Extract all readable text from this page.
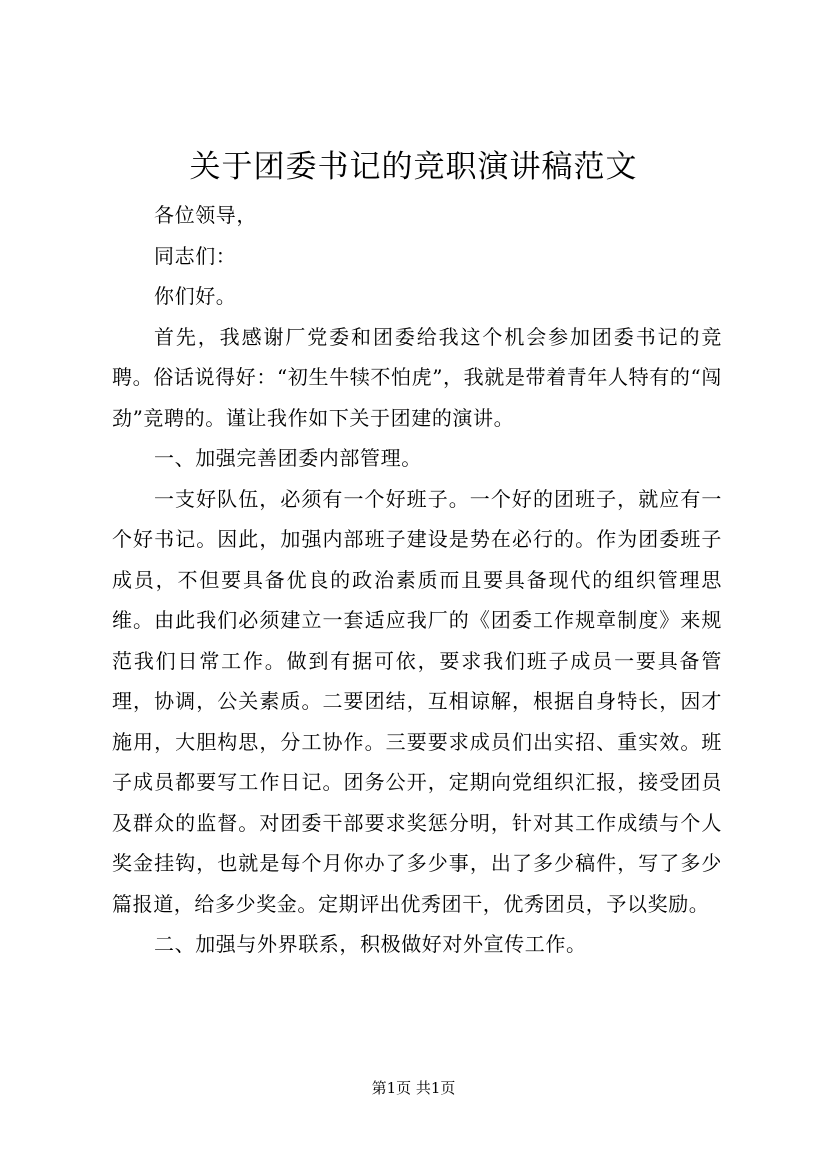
关于团委书记的竞职演讲稿范文

各位领导，

同志们：

你们好。

首先，我感谢厂党委和团委给我这个机会参加团委书记的竞聘。俗话说得好：“初生牛犊不怕虎”，我就是带着青年人特有的“闯劲”竞聘的。谨让我作如下关于团建的演讲。

一、加强完善团委内部管理。

一支好队伍，必须有一个好班子。一个好的团班子，就应有一个好书记。因此，加强内部班子建设是势在必行的。作为团委班子成员，不但要具备优良的政治素质而且要具备现代的组织管理思维。由此我们必须建立一套适应我厂的《团委工作规章制度》来规范我们日常工作。做到有据可依，要求我们班子成员一要具备管理，协调，公关素质。二要团结，互相谅解，根据自身特长，因才施用，大胆构思，分工协作。三要要求成员们出实招、重实效。班子成员都要写工作日记。团务公开，定期向党组织汇报，接受团员及群众的监督。对团委干部要求奖惩分明，针对其工作成绩与个人奖金挂钩，也就是每个月你办了多少事，出了多少稿件，写了多少篇报道，给多少奖金。定期评出优秀团干，优秀团员，予以奖励。

二、加强与外界联系，积极做好对外宣传工作。

第1页 共1页
